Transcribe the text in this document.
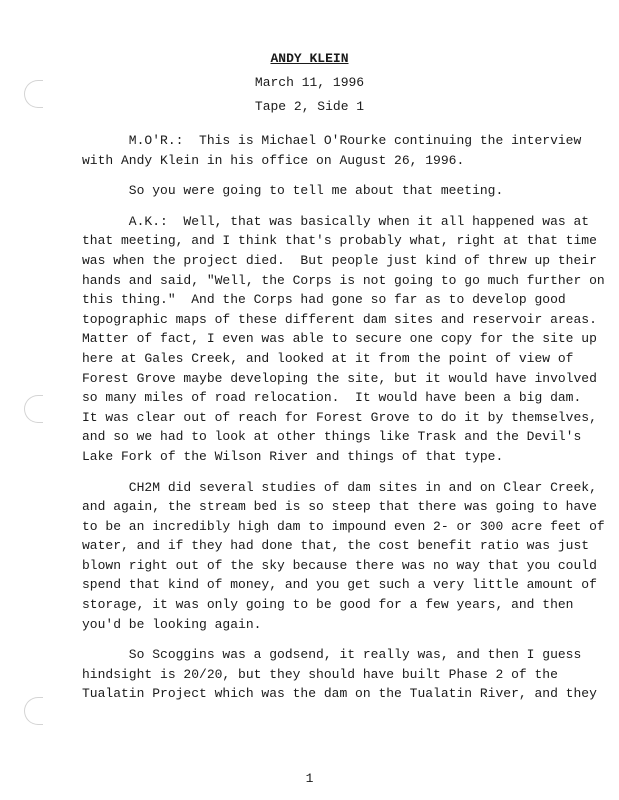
ANDY KLEIN
March 11, 1996
Tape 2, Side 1
M.O'R.:  This is Michael O'Rourke continuing the interview
with Andy Klein in his office on August 26, 1996.
So you were going to tell me about that meeting.
A.K.:  Well, that was basically when it all happened was at
that meeting, and I think that's probably what, right at that time
was when the project died.  But people just kind of threw up their
hands and said, "Well, the Corps is not going to go much further on
this thing."  And the Corps had gone so far as to develop good
topographic maps of these different dam sites and reservoir areas.
Matter of fact, I even was able to secure one copy for the site up
here at Gales Creek, and looked at it from the point of view of
Forest Grove maybe developing the site, but it would have involved
so many miles of road relocation.  It would have been a big dam.
It was clear out of reach for Forest Grove to do it by themselves,
and so we had to look at other things like Trask and the Devil's
Lake Fork of the Wilson River and things of that type.
CH2M did several studies of dam sites in and on Clear Creek,
and again, the stream bed is so steep that there was going to have
to be an incredibly high dam to impound even 2- or 300 acre feet of
water, and if they had done that, the cost benefit ratio was just
blown right out of the sky because there was no way that you could
spend that kind of money, and you get such a very little amount of
storage, it was only going to be good for a few years, and then
you'd be looking again.
So Scoggins was a godsend, it really was, and then I guess
hindsight is 20/20, but they should have built Phase 2 of the
Tualatin Project which was the dam on the Tualatin River, and they
1
